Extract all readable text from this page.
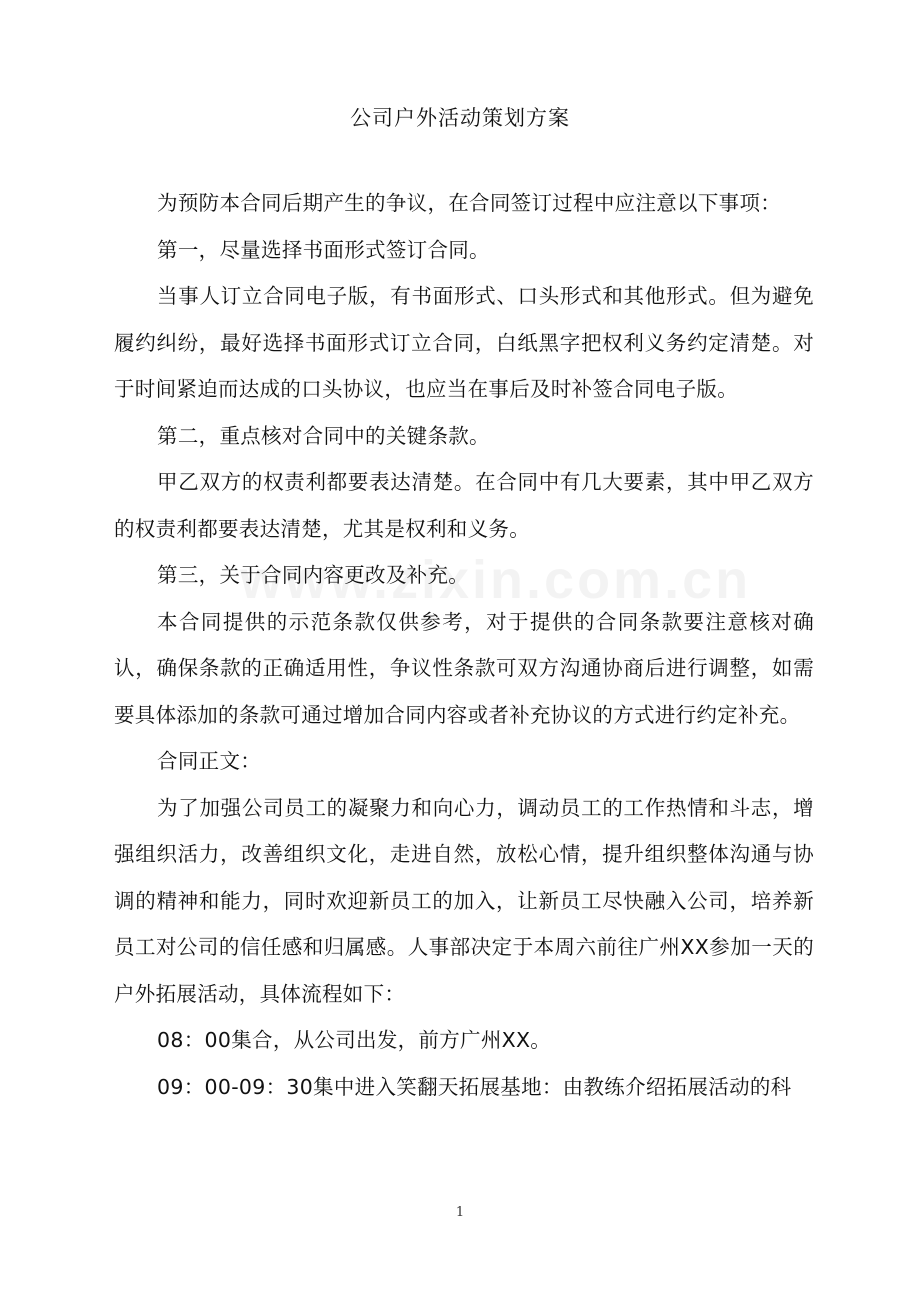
公司户外活动策划方案

为预防本合同后期产生的争议，在合同签订过程中应注意以下事项：

第一，尽量选择书面形式签订合同。

当事人订立合同电子版，有书面形式、口头形式和其他形式。但为避免履约纠纷，最好选择书面形式订立合同，白纸黑字把权利义务约定清楚。对于时间紧迫而达成的口头协议，也应当在事后及时补签合同电子版。

第二，重点核对合同中的关键条款。

甲乙双方的权责利都要表达清楚。在合同中有几大要素，其中甲乙双方的权责利都要表达清楚，尤其是权利和义务。

第三，关于合同内容更改及补充。

本合同提供的示范条款仅供参考，对于提供的合同条款要注意核对确认，确保条款的正确适用性，争议性条款可双方沟通协商后进行调整，如需要具体添加的条款可通过增加合同内容或者补充协议的方式进行约定补充。

合同正文：

为了加强公司员工的凝聚力和向心力，调动员工的工作热情和斗志，增强组织活力，改善组织文化，走进自然，放松心情，提升组织整体沟通与协调的精神和能力，同时欢迎新员工的加入，让新员工尽快融入公司，培养新员工对公司的信任感和归属感。人事部决定于本周六前往广州XX参加一天的户外拓展活动，具体流程如下：

08：00集合，从公司出发，前方广州XX。

09：00-09：30集中进入笑翻天拓展基地：由教练介绍拓展活动的科

1
